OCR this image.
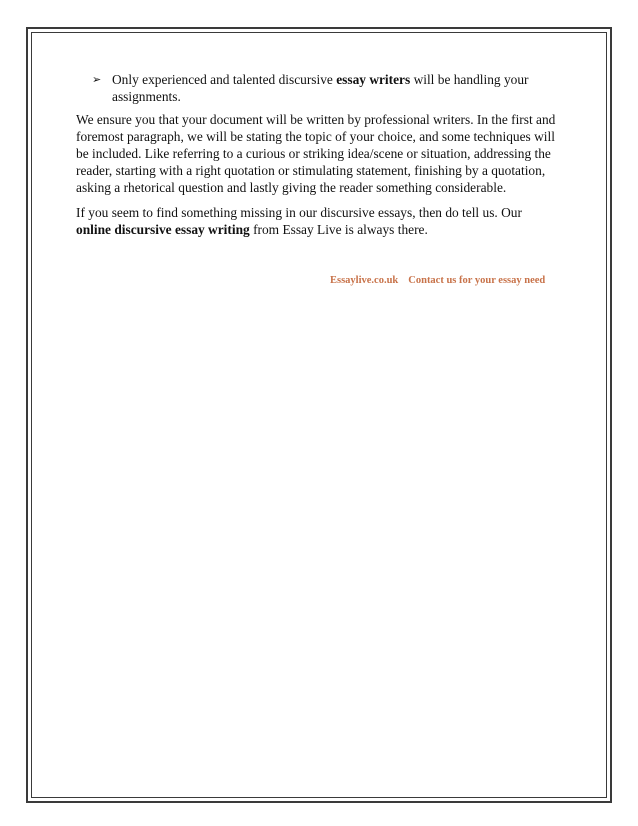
➢ Only experienced and talented discursive essay writers will be handling your assignments.

We ensure you that your document will be written by professional writers. In the first and foremost paragraph, we will be stating the topic of your choice, and some techniques will be included. Like referring to a curious or striking idea/scene or situation, addressing the reader, starting with a right quotation or stimulating statement, finishing by a quotation, asking a rhetorical question and lastly giving the reader something considerable.

If you seem to find something missing in our discursive essays, then do tell us. Our online discursive essay writing from Essay Live is always there.

Essaylive.co.uk Contact us for your essay need
